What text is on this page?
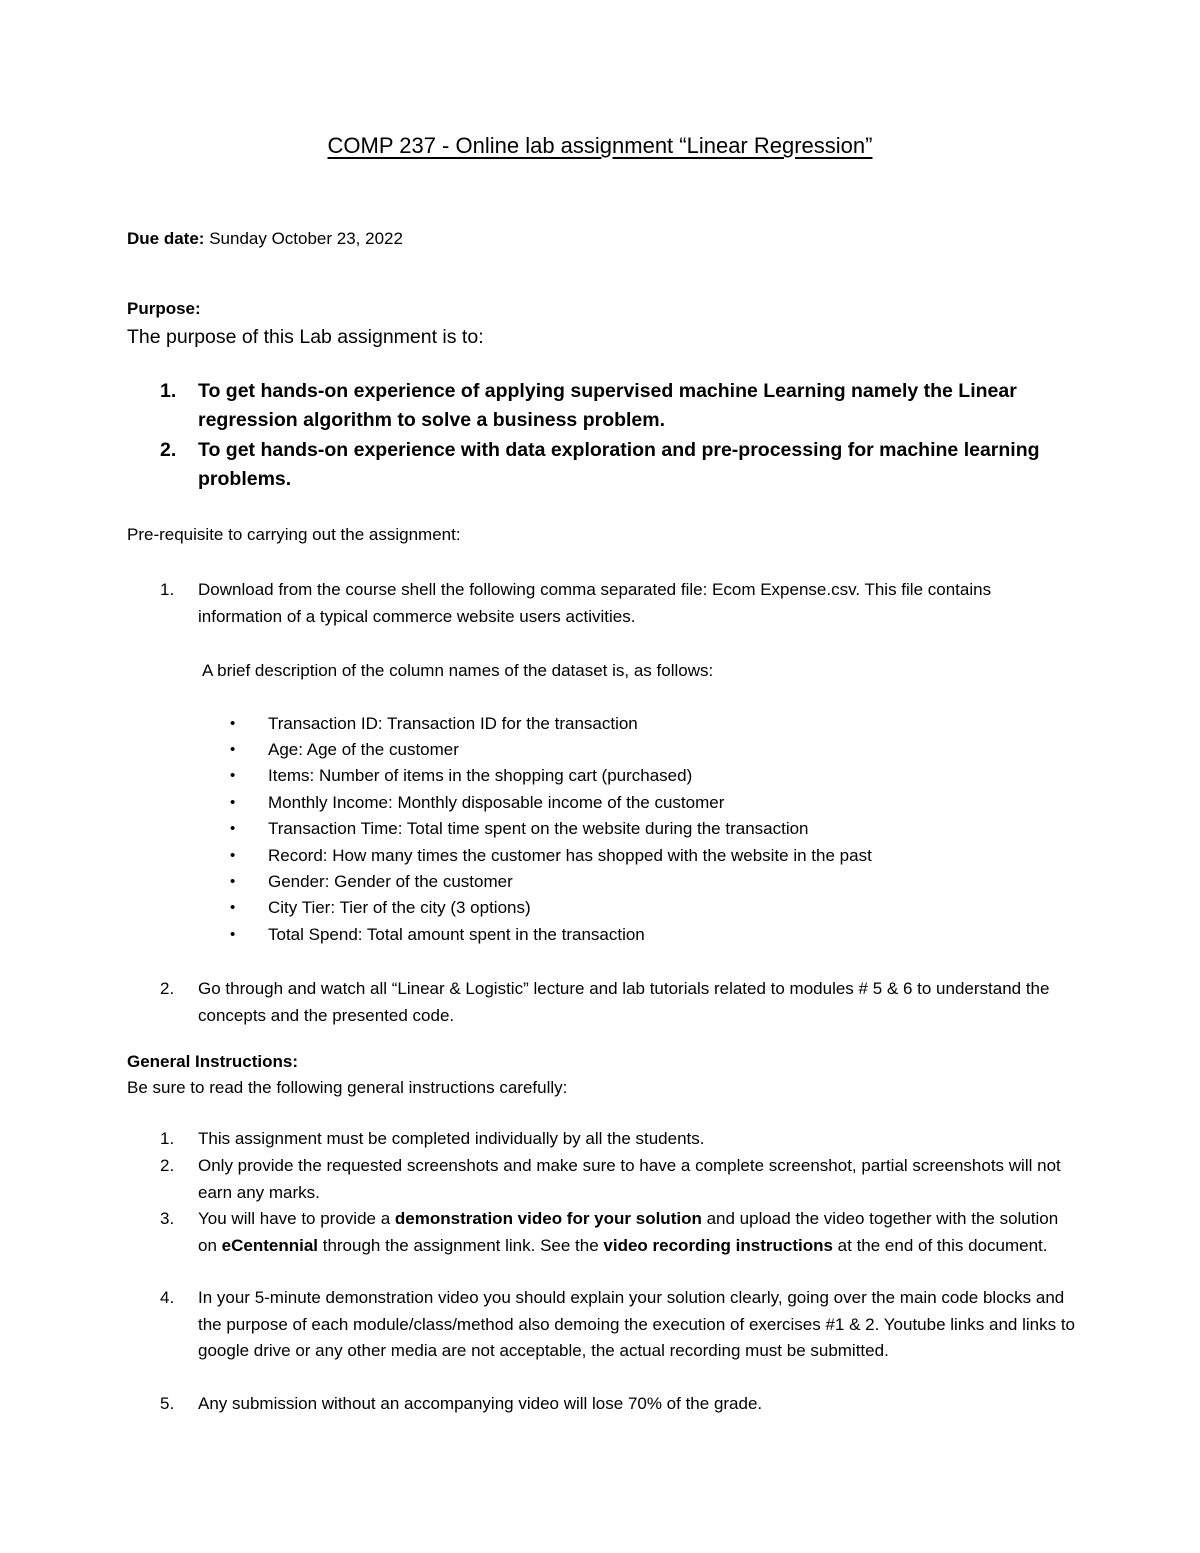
COMP 237 - Online lab assignment “Linear Regression”
Due date: Sunday October 23, 2022
Purpose:
The purpose of this Lab assignment is to:
1. To get hands-on experience of applying supervised machine Learning namely the Linear regression algorithm to solve a business problem.
2. To get hands-on experience with data exploration and pre-processing for machine learning problems.
Pre-requisite to carrying out the assignment:
1. Download from the course shell the following comma separated file: Ecom Expense.csv. This file contains information of a typical commerce website users activities.
A brief description of the column names of the dataset is, as follows:
• Transaction ID: Transaction ID for the transaction
• Age: Age of the customer
• Items: Number of items in the shopping cart (purchased)
• Monthly Income: Monthly disposable income of the customer
• Transaction Time: Total time spent on the website during the transaction
• Record: How many times the customer has shopped with the website in the past
• Gender: Gender of the customer
• City Tier: Tier of the city (3 options)
• Total Spend: Total amount spent in the transaction
2. Go through and watch all “Linear & Logistic” lecture and lab tutorials related to modules # 5 & 6 to understand the concepts and the presented code.
General Instructions:
Be sure to read the following general instructions carefully:
1. This assignment must be completed individually by all the students.
2. Only provide the requested screenshots and make sure to have a complete screenshot, partial screenshots will not earn any marks.
3. You will have to provide a demonstration video for your solution and upload the video together with the solution on eCentennial through the assignment link. See the video recording instructions at the end of this document.
4. In your 5-minute demonstration video you should explain your solution clearly, going over the main code blocks and the purpose of each module/class/method also demoing the execution of exercises #1 & 2. Youtube links and links to google drive or any other media are not acceptable, the actual recording must be submitted.
5. Any submission without an accompanying video will lose 70% of the grade.
